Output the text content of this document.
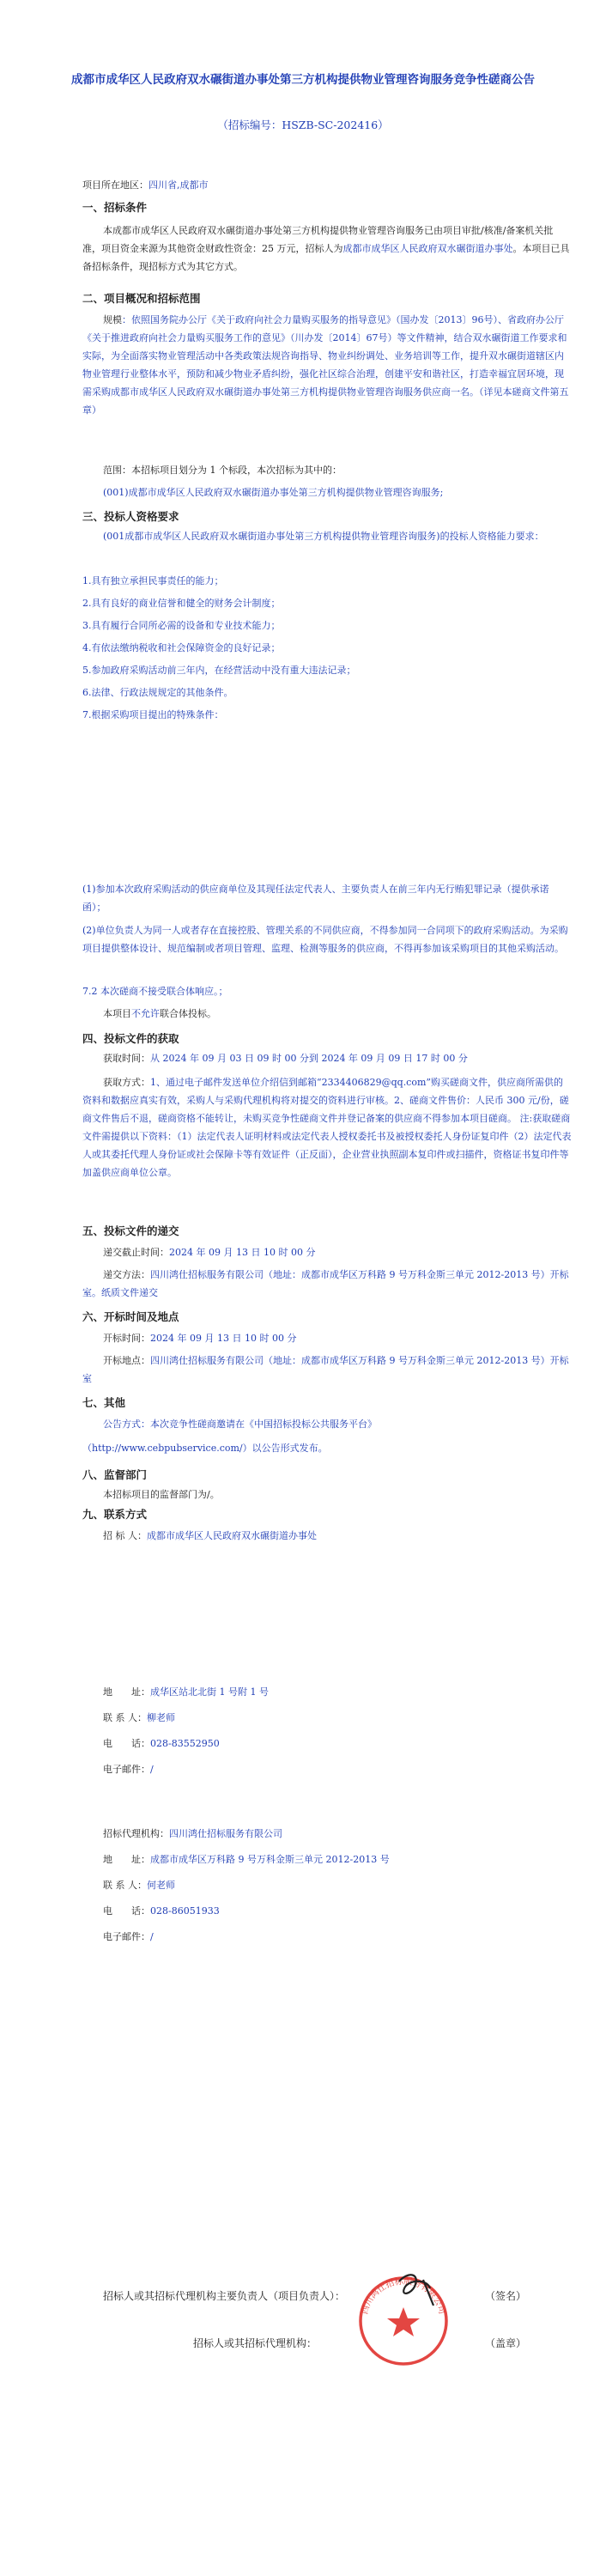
成都市成华区人民政府双水碾街道办事处第三方机构提供物业管理咨询服务竞争性磋商公告
（招标编号：HSZB-SC-202416）
项目所在地区：四川省,成都市
一、招标条件
本成都市成华区人民政府双水碾街道办事处第三方机构提供物业管理咨询服务已由项目审批/核准/备案机关批准，项目资金来源为其他资金财政性资金：25 万元，招标人为成都市成华区人民政府双水碾街道办事处。本项目已具备招标条件，现招标方式为其它方式。
二、项目概况和招标范围
规模：依照国务院办公厅《关于政府向社会力量购买服务的指导意见》（国办发〔2013〕96号）、省政府办公厅《关于推进政府向社会力量购买服务工作的意见》（川办发〔2014〕67号）等文件精神，结合双水碾街道工作要求和实际，为全面落实物业管理活动中各类政策法规咨询指导、物业纠纷调处、业务培训等工作，提升双水碾街道辖区内物业管理行业整体水平，预防和减少物业矛盾纠纷，强化社区综合治理，创建平安和谐社区，打造幸福宜居环境，现需采购成都市成华区人民政府双水碾街道办事处第三方机构提供物业管理咨询服务供应商一名。（详见本磋商文件第五章）
范围：本招标项目划分为 1 个标段，本次招标为其中的：
(001)成都市成华区人民政府双水碾街道办事处第三方机构提供物业管理咨询服务;
三、投标人资格要求
(001成都市成华区人民政府双水碾街道办事处第三方机构提供物业管理咨询服务)的投标人资格能力要求：
1.具有独立承担民事责任的能力；
2.具有良好的商业信誉和健全的财务会计制度；
3.具有履行合同所必需的设备和专业技术能力；
4.有依法缴纳税收和社会保障资金的良好记录；
5.参加政府采购活动前三年内，在经营活动中没有重大违法记录；
6.法律、行政法规规定的其他条件。
7.根据采购项目提出的特殊条件：
(1)参加本次政府采购活动的供应商单位及其现任法定代表人、主要负责人在前三年内无行贿犯罪记录（提供承诺函）；
(2)单位负责人为同一人或者存在直接控股、管理关系的不同供应商，不得参加同一合同项下的政府采购活动。为采购项目提供整体设计、规范编制或者项目管理、监理、检测等服务的供应商，不得再参加该采购项目的其他采购活动。
7.2 本次磋商不接受联合体响应。；
本项目不允许联合体投标。
四、投标文件的获取
获取时间：从 2024 年 09 月 03 日 09 时 00 分到 2024 年 09 月 09 日 17 时 00 分
获取方式：1、通过电子邮件发送单位介绍信到邮箱“2334406829@qq.com”购买磋商文件，供应商所需供的资料和数据应真实有效，采购人与采购代理机构将对提交的资料进行审核。2、磋商文件售价：人民币 300 元/份，磋商文件售后不退，磋商资格不能转让，未购买竞争性磋商文件并登记备案的供应商不得参加本项目磋商。 注:获取磋商文件需提供以下资料：（1）法定代表人证明材料或法定代表人授权委托书及被授权委托人身份证复印件（2）法定代表人或其委托代理人身份证或社会保障卡等有效证件（正反面），企业营业执照副本复印件或扫描件，资格证书复印件等加盖供应商单位公章。
五、投标文件的递交
递交截止时间：2024 年 09 月 13 日 10 时 00 分
递交方法：四川鸿仕招标服务有限公司（地址：成都市成华区万科路 9 号万科金斯三单元 2012-2013 号）开标室。纸质文件递交
六、开标时间及地点
开标时间：2024 年 09 月 13 日 10 时 00 分
开标地点：四川鸿仕招标服务有限公司（地址：成都市成华区万科路 9 号万科金斯三单元 2012-2013 号）开标室
七、其他
公告方式：本次竞争性磋商邀请在《中国招标投标公共服务平台》
（http://www.cebpubservice.com/）以公告形式发布。
八、监督部门
本招标项目的监督部门为/。
九、联系方式
招 标 人：成都市成华区人民政府双水碾街道办事处
地　　址：成华区站北北街 1 号附 1 号
联 系 人：柳老师
电　　话：028-83552950
电子邮件：/
招标代理机构：四川鸿仕招标服务有限公司
地　　址：成都市成华区万科路 9 号万科金斯三单元 2012-2013 号
联 系 人：何老师
电　　话：028-86051933
电子邮件：/
招标人或其招标代理机构主要负责人（项目负责人）：	（签名）
招标人或其招标代理机构：	（盖章）
四川鸿仕招标服务有限公司
